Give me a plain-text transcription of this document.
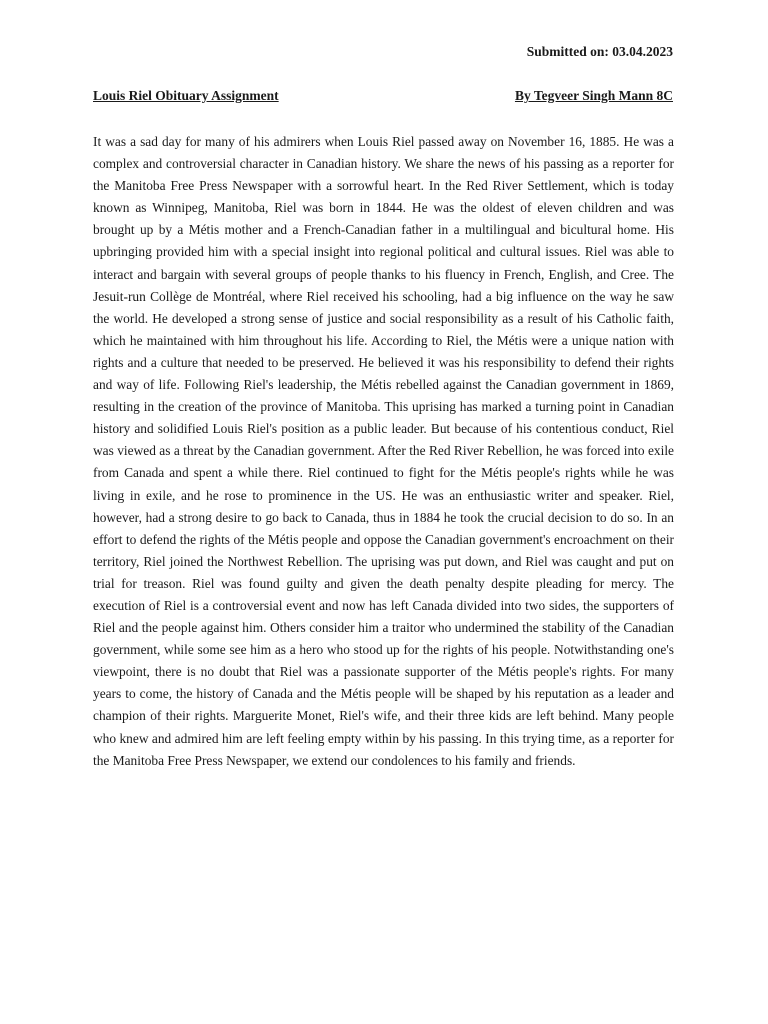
Submitted on: 03.04.2023
Louis Riel Obituary Assignment	By Tegveer Singh Mann 8C

It was a sad day for many of his admirers when Louis Riel passed away on November 16, 1885. He was a complex and controversial character in Canadian history. We share the news of his passing as a reporter for the Manitoba Free Press Newspaper with a sorrowful heart. In the Red River Settlement, which is today known as Winnipeg, Manitoba, Riel was born in 1844. He was the oldest of eleven children and was brought up by a Métis mother and a French-Canadian father in a multilingual and bicultural home. His upbringing provided him with a special insight into regional political and cultural issues. Riel was able to interact and bargain with several groups of people thanks to his fluency in French, English, and Cree. The Jesuit-run Collège de Montréal, where Riel received his schooling, had a big influence on the way he saw the world. He developed a strong sense of justice and social responsibility as a result of his Catholic faith, which he maintained with him throughout his life. According to Riel, the Métis were a unique nation with rights and a culture that needed to be preserved. He believed it was his responsibility to defend their rights and way of life. Following Riel's leadership, the Métis rebelled against the Canadian government in 1869, resulting in the creation of the province of Manitoba. This uprising has marked a turning point in Canadian history and solidified Louis Riel's position as a public leader. But because of his contentious conduct, Riel was viewed as a threat by the Canadian government. After the Red River Rebellion, he was forced into exile from Canada and spent a while there. Riel continued to fight for the Métis people's rights while he was living in exile, and he rose to prominence in the US. He was an enthusiastic writer and speaker. Riel, however, had a strong desire to go back to Canada, thus in 1884 he took the crucial decision to do so. In an effort to defend the rights of the Métis people and oppose the Canadian government's encroachment on their territory, Riel joined the Northwest Rebellion. The uprising was put down, and Riel was caught and put on trial for treason. Riel was found guilty and given the death penalty despite pleading for mercy. The execution of Riel is a controversial event and now has left Canada divided into two sides, the supporters of Riel and the people against him. Others consider him a traitor who undermined the stability of the Canadian government, while some see him as a hero who stood up for the rights of his people. Notwithstanding one's viewpoint, there is no doubt that Riel was a passionate supporter of the Métis people's rights. For many years to come, the history of Canada and the Métis people will be shaped by his reputation as a leader and champion of their rights. Marguerite Monet, Riel's wife, and their three kids are left behind. Many people who knew and admired him are left feeling empty within by his passing. In this trying time, as a reporter for the Manitoba Free Press Newspaper, we extend our condolences to his family and friends.
